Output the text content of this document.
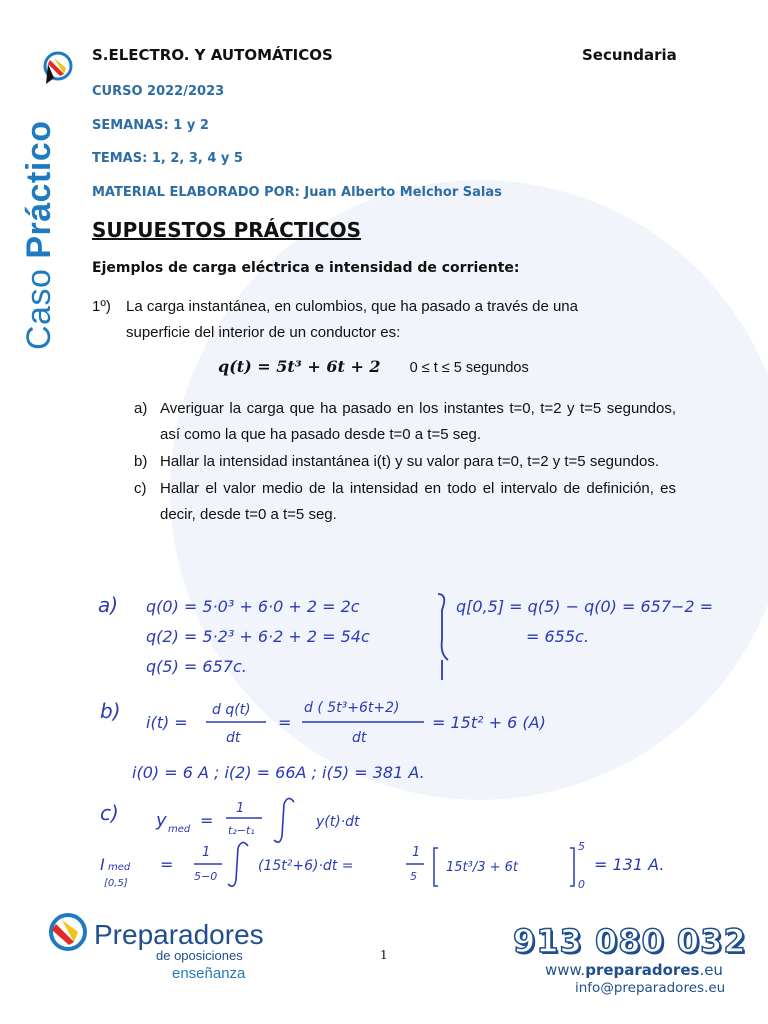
Caso Práctico
S.ELECTRO. Y AUTOMÁTICOS	Secundaria
CURSO 2022/2023
SEMANAS: 1 y 2
TEMAS: 1, 2, 3, 4 y 5
MATERIAL ELABORADO POR: Juan Alberto Melchor Salas
SUPUESTOS PRÁCTICOS
Ejemplos de carga eléctrica e intensidad de corriente:
1º) La carga instantánea, en culombios, que ha pasado a través de una
superficie del interior de un conductor es:
q(t) = 5t³ + 6t + 2 0 ≤ t ≤ 5 segundos
a) Averiguar la carga que ha pasado en los instantes t=0, t=2 y t=5 segundos, así como la que ha pasado desde t=0 a t=5 seg.
b) Hallar la intensidad instantánea i(t) y su valor para t=0, t=2 y t=5 segundos.
c) Hallar el valor medio de la intensidad en todo el intervalo de definición, es decir, desde t=0 a t=5 seg.
a) q(0) = 5·0³ + 6·0 + 2 = 2c
q(2) = 5·2³ + 6·2 + 2 = 54c
q(5) = 657c.
q[0,5] = q(5) − q(0) = 657−2 =
= 655c.
b) i(t) =
d q(t)
dt
=
d ( 5t³+6t+2)
dt
= 15t² + 6 (A)
i(0) = 6 A ; i(2) = 66A ; i(5) = 381 A.
c) y med =
1
t₂−t₁
y(t)·dt
I med
[0,5]
=
1
5−0
(15t²+6)·dt =
1
5
15t³/3 + 6t
5
0
= 131 A.
1
Preparadores
de oposiciones
enseñanza
913 080 032
www.preparadores.eu
info@preparadores.eu
